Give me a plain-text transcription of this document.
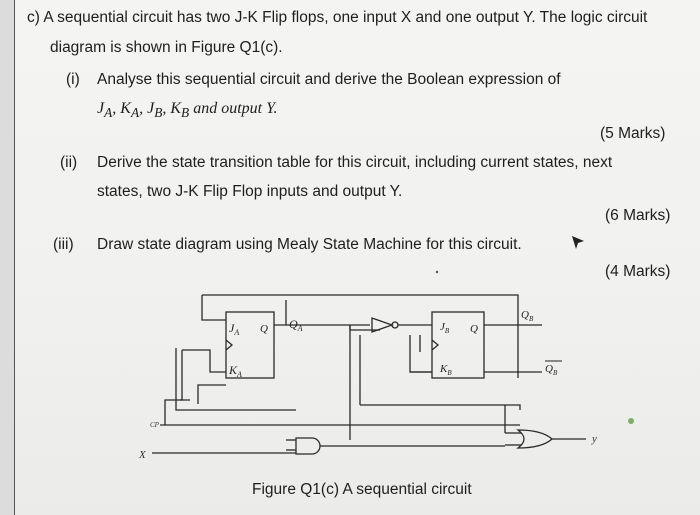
c) A sequential circuit has two J-K Flip flops, one input X and one output Y. The logic circuit
diagram is shown in Figure Q1(c).
(i) Analyse this sequential circuit and derive the Boolean expression of
$J_A$, $K_A$, $J_B$, $K_B$ and output Y.
(5 Marks)
(ii) Derive the state transition table for this circuit, including current states, next
states, two J-K Flip Flop inputs and output Y.
(6 Marks)
(iii) Draw state diagram using Mealy State Machine for this circuit.
(4 Marks)
$J_A$ Q
$K_A$
$Q_A$	$J_B$ Q
$K_B$
$Q_B$
$Q_B$
CP
X
y
Figure Q1(c) A sequential circuit
